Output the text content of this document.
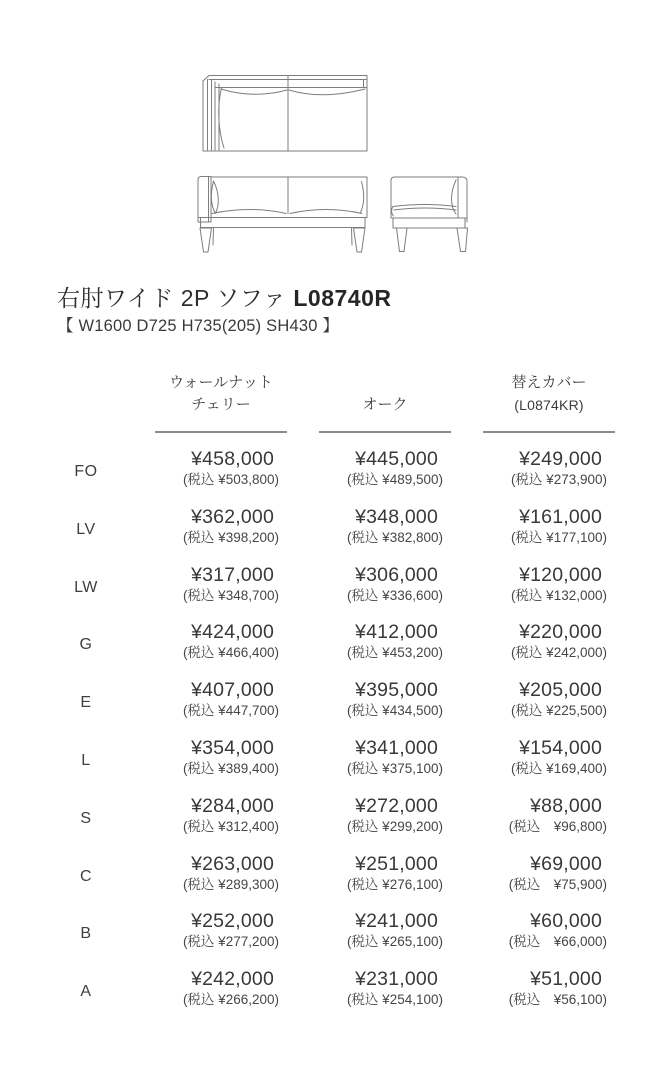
右肘ワイド 2P ソファ L08740R
【 W1600 D725 H735(205) SH430 】
ウォールナット
チェリー	オーク
替えカバー
(L0874KR)
FO
¥458,000
(税込 ¥503,800)
¥445,000
(税込 ¥489,500)
¥249,000
(税込 ¥273,900)
LV
¥362,000
(税込 ¥398,200)
¥348,000
(税込 ¥382,800)
¥161,000
(税込 ¥177,100)
LW
¥317,000
(税込 ¥348,700)
¥306,000
(税込 ¥336,600)
¥120,000
(税込 ¥132,000)
G
¥424,000
(税込 ¥466,400)
¥412,000
(税込 ¥453,200)
¥220,000
(税込 ¥242,000)
E
¥407,000
(税込 ¥447,700)
¥395,000
(税込 ¥434,500)
¥205,000
(税込 ¥225,500)
L
¥354,000
(税込 ¥389,400)
¥341,000
(税込 ¥375,100)
¥154,000
(税込 ¥169,400)
S
¥284,000
(税込 ¥312,400)
¥272,000
(税込 ¥299,200)
¥88,000
(税込　¥96,800)
C
¥263,000
(税込 ¥289,300)
¥251,000
(税込 ¥276,100)
¥69,000
(税込　¥75,900)
B
¥252,000
(税込 ¥277,200)
¥241,000
(税込 ¥265,100)
¥60,000
(税込　¥66,000)
A
¥242,000
(税込 ¥266,200)
¥231,000
(税込 ¥254,100)
¥51,000
(税込　¥56,100)
